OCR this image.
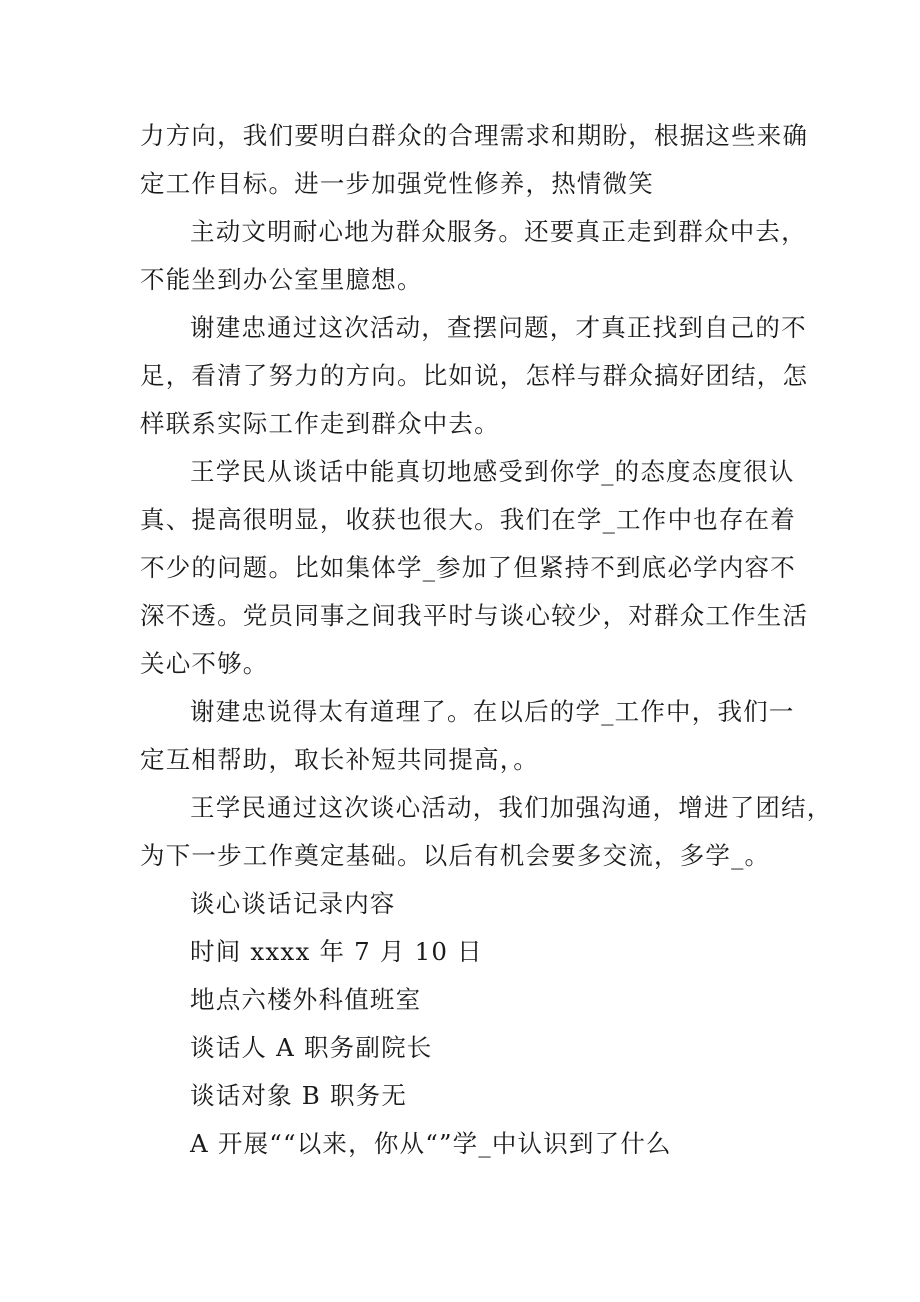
力方向，我们要明白群众的合理需求和期盼，根据这些来确
定工作目标。进一步加强党性修养，热情微笑

主动文明耐心地为群众服务。还要真正走到群众中去，
不能坐到办公室里臆想。

谢建忠通过这次活动，查摆问题，才真正找到自己的不
足，看清了努力的方向。比如说，怎样与群众搞好团结，怎
样联系实际工作走到群众中去。

王学民从谈话中能真切地感受到你学_的态度态度很认
真、提高很明显，收获也很大。我们在学_工作中也存在着
不少的问题。比如集体学_参加了但紧持不到底必学内容不
深不透。党员同事之间我平时与谈心较少，对群众工作生活
关心不够。

谢建忠说得太有道理了。在以后的学_工作中，我们一
定互相帮助，取长补短共同提高，。

王学民通过这次谈心活动，我们加强沟通，增进了团结，
为下一步工作奠定基础。以后有机会要多交流，多学_。

谈心谈话记录内容

时间 xxxx 年 7 月 10 日

地点六楼外科值班室

谈话人 A 职务副院长

谈话对象 B 职务无

A 开展““以来，你从“”学_中认识到了什么
